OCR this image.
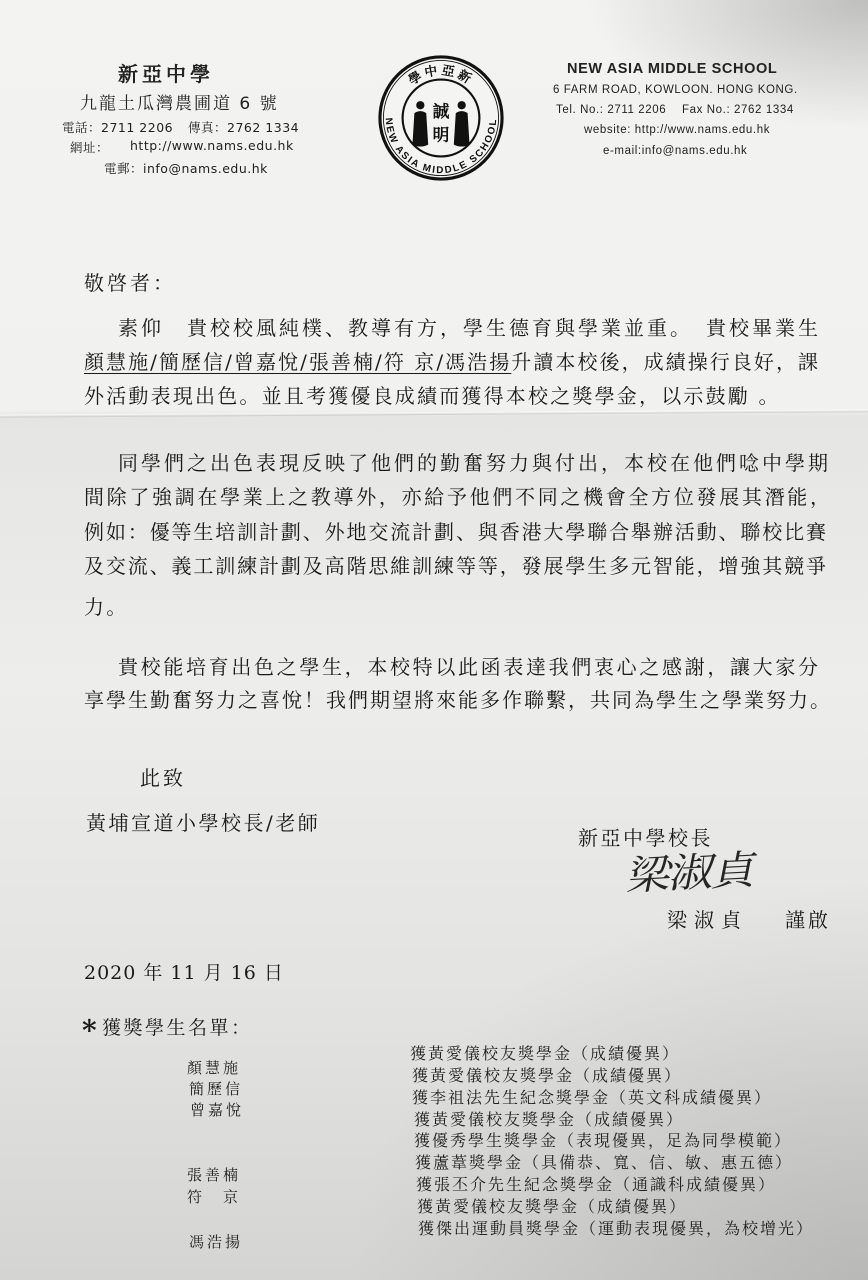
新亞中學
九龍土瓜灣農圃道 6 號
電話：2711 2206 傳真：2762 1334
網址： http://www.nams.edu.hk
電郵：info@nams.edu.hk
學中亞新
NEW ASIA MIDDLE SCHOOL
誠
明
NEW ASIA MIDDLE SCHOOL
6 FARM ROAD, KOWLOON. HONG KONG.
Tel. No.: 2711 2206 Fax No.: 2762 1334
website: http://www.nams.edu.hk
e-mail:info@nams.edu.hk
敬啓者：
素仰　貴校校風純樸、教導有方，學生德育與學業並重。　貴校畢業生
顏慧施/簡歷信/曾嘉悅/張善楠/符 京/馮浩揚升讀本校後，成績操行良好，課
外活動表現出色。並且考獲優良成績而獲得本校之獎學金，以示鼓勵 。
同學們之出色表現反映了他們的勤奮努力與付出，本校在他們唸中學期
間除了強調在學業上之教導外，亦給予他們不同之機會全方位發展其潛能，
例如：優等生培訓計劃、外地交流計劃、與香港大學聯合舉辦活動、聯校比賽
及交流、義工訓練計劃及高階思維訓練等等，發展學生多元智能，增強其競爭
力。
貴校能培育出色之學生，本校特以此函表達我們衷心之感謝，讓大家分
享學生勤奮努力之喜悅！我們期望將來能多作聯繫，共同為學生之學業努力。
此致
黃埔宣道小學校長/老師
新亞中學校長
梁淑貞
梁淑貞 謹啟
2020 年 11 月 16 日
* 獲獎學生名單：
顏慧施
簡歷信
曾嘉悅
張善楠
符　京
馮浩揚
獲黃愛儀校友獎學金（成績優異）
獲黃愛儀校友獎學金（成績優異）
獲李祖法先生紀念獎學金（英文科成績優異）
獲黃愛儀校友獎學金（成績優異）
獲優秀學生獎學金（表現優異，足為同學模範）
獲蘆葦獎學金（具備恭、寬、信、敏、惠五德）
獲張丕介先生紀念獎學金（通識科成績優異）
獲黃愛儀校友獎學金（成績優異）
獲傑出運動員獎學金（運動表現優異，為校增光）
